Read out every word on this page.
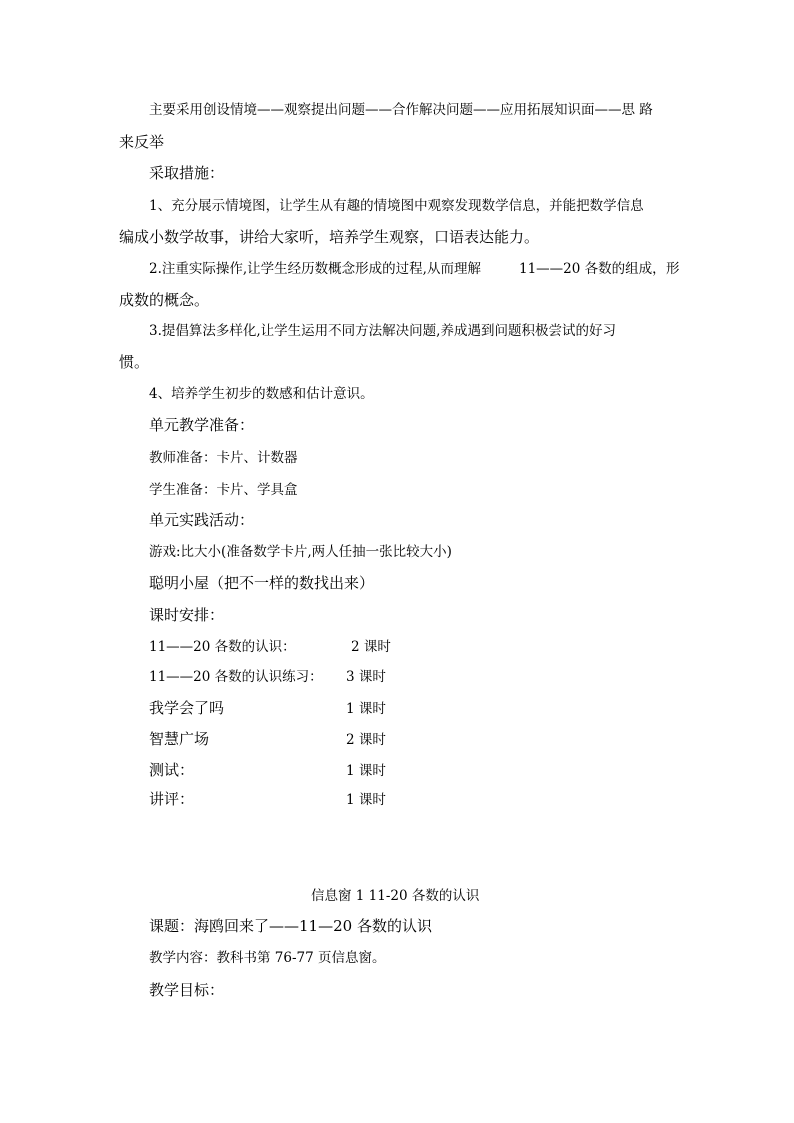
主要采用创设情境——观察提出问题——合作解决问题——应用拓展知识面——思 路
来反举
采取措施：
1、充分展示情境图，让学生从有趣的情境图中观察发现数学信息，并能把数学信息
编成小数学故事，讲给大家听，培养学生观察，口语表达能力。
2.注重实际操作,让学生经历数概念形成的过程,从而理解	11——20 各数的组成， 形
成数的概念。
3.提倡算法多样化,让学生运用不同方法解决问题,养成遇到问题积极尝试的好习
惯。
4、培养学生初步的数感和估计意识。
单元教学准备：
教师准备：卡片、计数器
学生准备：卡片、学具盒
单元实践活动：
游戏:比大小(准备数学卡片,两人任抽一张比较大小)
聪明小屋（把不一样的数找出来）
课时安排：
11——20 各数的认识：	2 课时
11——20 各数的认识练习： 3 课时
我学会了吗	1 课时
智慧广场	2 课时
测试：	1 课时
讲评：	1 课时
信息窗 1 11-20 各数的认识
课题：海鸥回来了——11—20 各数的认识
教学内容：教科书第 76-77 页信息窗。
教学目标：
